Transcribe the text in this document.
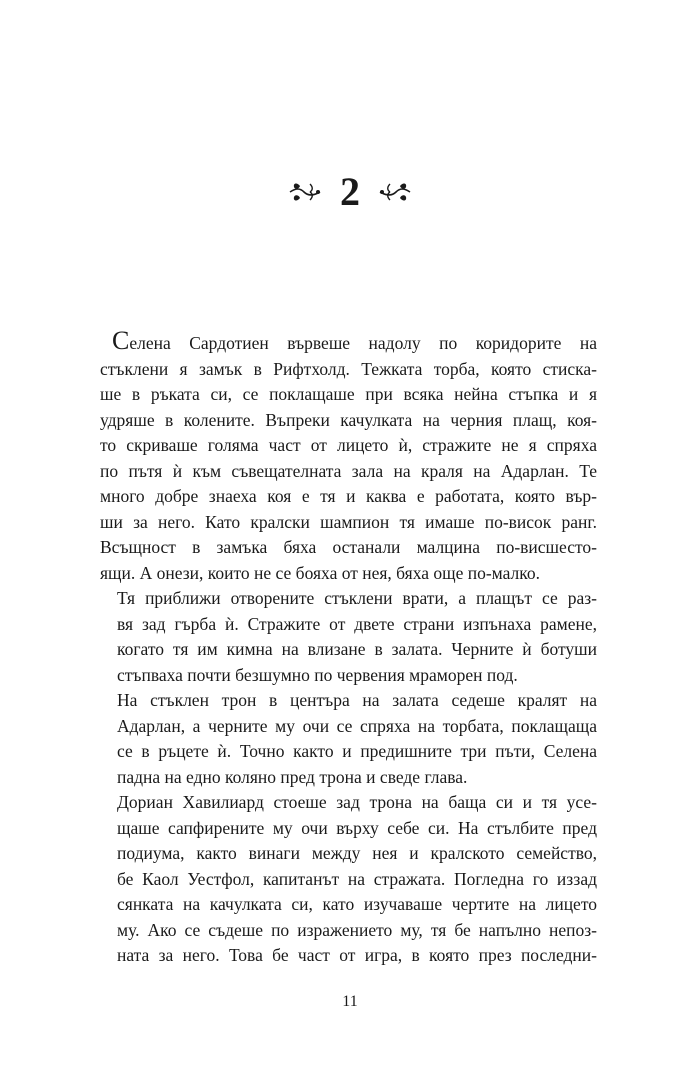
2

Селена Сардотиен вървеше надолу по коридорите на
стъклени я замък в Рифтхолд. Тежката торба, която стиска-
ше в ръката си, се поклащаше при всяка нейна стъпка и я
удряше в колените. Въпреки качулката на черния плащ, коя-
то скриваше голяма част от лицето ѝ, стражите не я спряха
по пътя ѝ към съвещателната зала на краля на Адарлан. Те
много добре знаеха коя е тя и каква е работата, която вър-
ши за него. Като кралски шампион тя имаше по-висок ранг.
Всъщност в замъка бяха останали малцина по-висшесто-
ящи. А онези, които не се бояха от нея, бяха още по-малко.

Тя приближи отворените стъклени врати, а плащът се раз-
вя зад гърба ѝ. Стражите от двете страни изпънаха рамене,
когато тя им кимна на влизане в залата. Черните ѝ ботуши
стъпваха почти безшумно по червения мраморен под.

На стъклен трон в центъра на залата седеше кралят на
Адарлан, а черните му очи се спряха на торбата, поклащаща
се в ръцете ѝ. Точно както и предишните три пъти, Селена
падна на едно коляно пред трона и сведе глава.

Дориан Хавилиард стоеше зад трона на баща си и тя усе-
щаше сапфирените му очи върху себе си. На стълбите пред
подиума, както винаги между нея и кралското семейство,
бе Каол Уестфол, капитанът на стражата. Погледна го иззад
сянката на качулката си, като изучаваше чертите на лицето
му. Ако се съдеше по изражението му, тя бе напълно непоз-
ната за него. Това бе част от игра, в която през последни-

11
